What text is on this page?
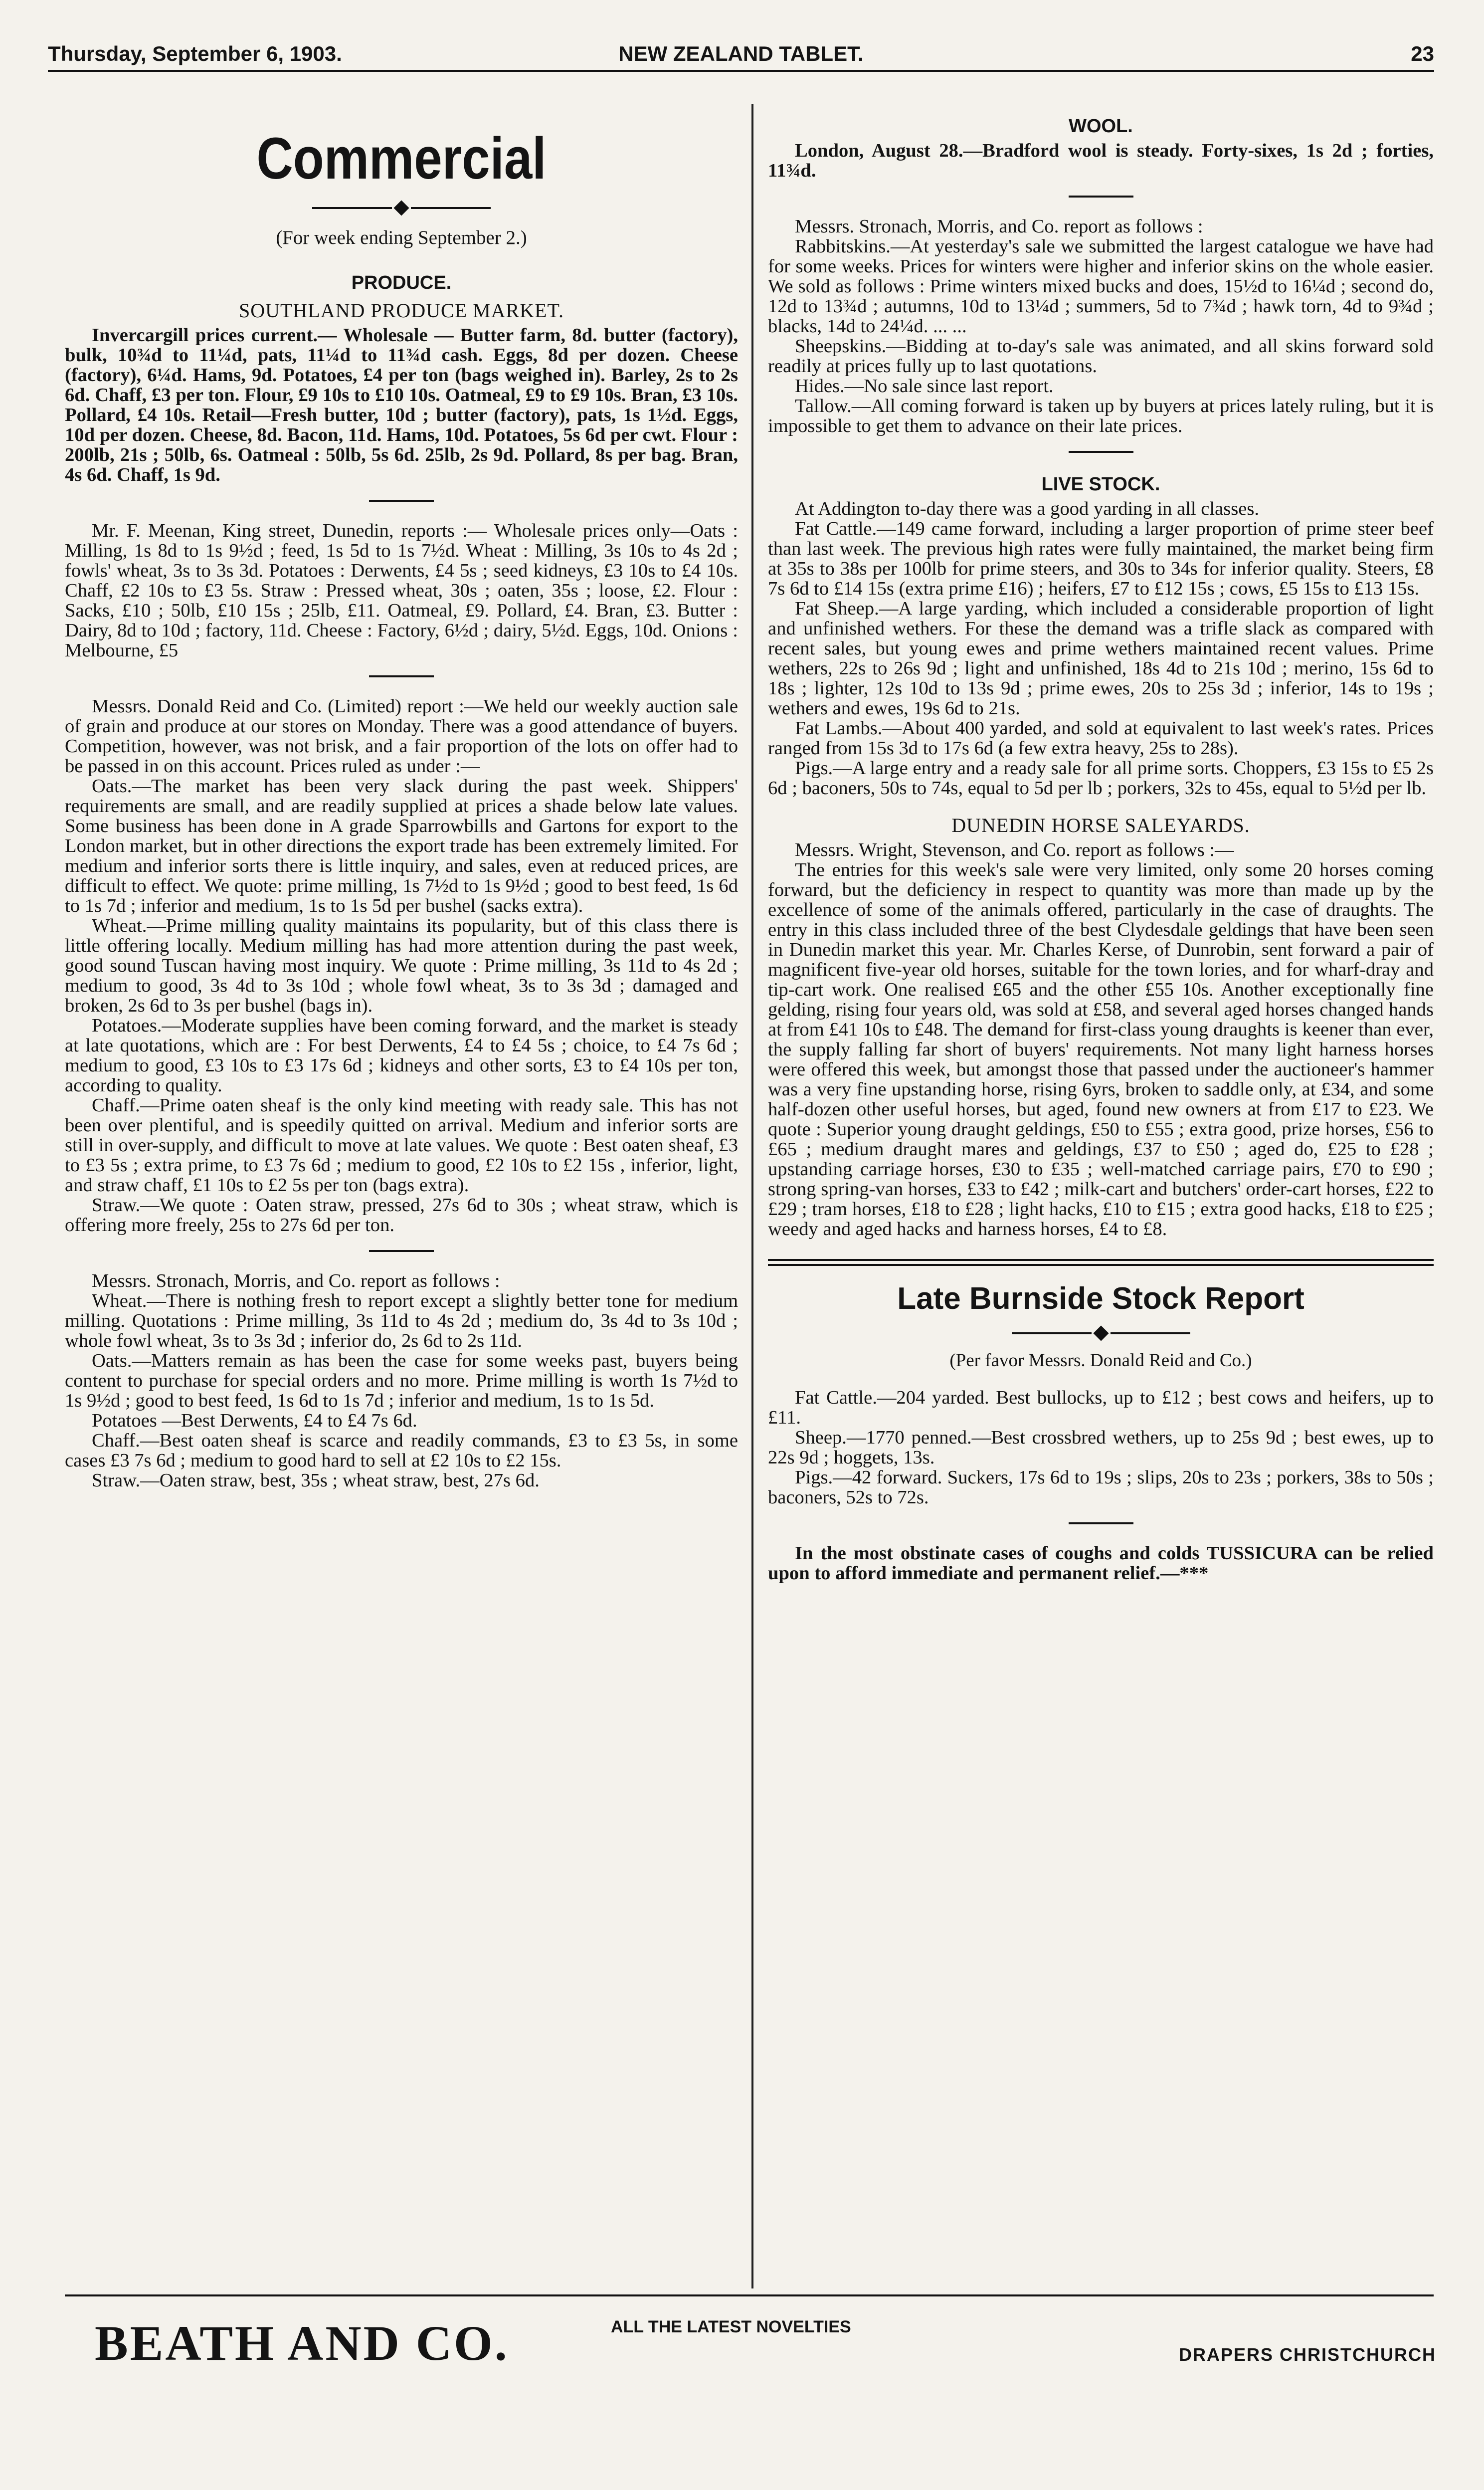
Thursday, September 6, 1903.	NEW ZEALAND TABLET.	23
Commercial
(For week ending September 2.)
PRODUCE.
SOUTHLAND PRODUCE MARKET.

Invercargill prices current.— Wholesale — Butter farm, 8d. butter (factory), bulk, 10¾d to 11¼d, pats, 11¼d to 11¾d cash. Eggs, 8d per dozen. Cheese (factory), 6¼d. Hams, 9d. Potatoes, £4 per ton (bags weighed in). Barley, 2s to 2s 6d. Chaff, £3 per ton. Flour, £9 10s to £10 10s. Oatmeal, £9 to £9 10s. Bran, £3 10s. Pollard, £4 10s. Retail—Fresh butter, 10d ; butter (factory), pats, 1s 1½d. Eggs, 10d per dozen. Cheese, 8d. Bacon, 11d. Hams, 10d. Potatoes, 5s 6d per cwt. Flour : 200lb, 21s ; 50lb, 6s. Oatmeal : 50lb, 5s 6d. 25lb, 2s 9d. Pollard, 8s per bag. Bran, 4s 6d. Chaff, 1s 9d.

Mr. F. Meenan, King street, Dunedin, reports :— Wholesale prices only—Oats : Milling, 1s 8d to 1s 9½d ; feed, 1s 5d to 1s 7½d. Wheat : Milling, 3s 10s to 4s 2d ; fowls' wheat, 3s to 3s 3d. Potatoes : Derwents, £4 5s ; seed kidneys, £3 10s to £4 10s. Chaff, £2 10s to £3 5s. Straw : Pressed wheat, 30s ; oaten, 35s ; loose, £2. Flour : Sacks, £10 ; 50lb, £10 15s ; 25lb, £11. Oatmeal, £9. Pollard, £4. Bran, £3. Butter : Dairy, 8d to 10d ; factory, 11d. Cheese : Factory, 6½d ; dairy, 5½d. Eggs, 10d. Onions : Melbourne, £5

Messrs. Donald Reid and Co. (Limited) report :—We held our weekly auction sale of grain and produce at our stores on Monday. There was a good attendance of buyers. Competition, however, was not brisk, and a fair proportion of the lots on offer had to be passed in on this account. Prices ruled as under :—

Oats.—The market has been very slack during the past week. Shippers' requirements are small, and are readily supplied at prices a shade below late values. Some business has been done in A grade Sparrowbills and Gartons for export to the London market, but in other directions the export trade has been extremely limited. For medium and inferior sorts there is little inquiry, and sales, even at reduced prices, are difficult to effect. We quote: prime milling, 1s 7½d to 1s 9½d ; good to best feed, 1s 6d to 1s 7d ; inferior and medium, 1s to 1s 5d per bushel (sacks extra).

Wheat.—Prime milling quality maintains its popularity, but of this class there is little offering locally. Medium milling has had more attention during the past week, good sound Tuscan having most inquiry. We quote : Prime milling, 3s 11d to 4s 2d ; medium to good, 3s 4d to 3s 10d ; whole fowl wheat, 3s to 3s 3d ; damaged and broken, 2s 6d to 3s per bushel (bags in).

Potatoes.—Moderate supplies have been coming forward, and the market is steady at late quotations, which are : For best Derwents, £4 to £4 5s ; choice, to £4 7s 6d ; medium to good, £3 10s to £3 17s 6d ; kidneys and other sorts, £3 to £4 10s per ton, according to quality.

Chaff.—Prime oaten sheaf is the only kind meeting with ready sale. This has not been over plentiful, and is speedily quitted on arrival. Medium and inferior sorts are still in over-supply, and difficult to move at late values. We quote : Best oaten sheaf, £3 to £3 5s ; extra prime, to £3 7s 6d ; medium to good, £2 10s to £2 15s , inferior, light, and straw chaff, £1 10s to £2 5s per ton (bags extra).

Straw.—We quote : Oaten straw, pressed, 27s 6d to 30s ; wheat straw, which is offering more freely, 25s to 27s 6d per ton.

Messrs. Stronach, Morris, and Co. report as follows :

Wheat.—There is nothing fresh to report except a slightly better tone for medium milling. Quotations : Prime milling, 3s 11d to 4s 2d ; medium do, 3s 4d to 3s 10d ; whole fowl wheat, 3s to 3s 3d ; inferior do, 2s 6d to 2s 11d.

Oats.—Matters remain as has been the case for some weeks past, buyers being content to purchase for special orders and no more. Prime milling is worth 1s 7½d to 1s 9½d ; good to best feed, 1s 6d to 1s 7d ; inferior and medium, 1s to 1s 5d.

Potatoes —Best Derwents, £4 to £4 7s 6d.

Chaff.—Best oaten sheaf is scarce and readily commands, £3 to £3 5s, in some cases £3 7s 6d ; medium to good hard to sell at £2 10s to £2 15s.

Straw.—Oaten straw, best, 35s ; wheat straw, best, 27s 6d.

WOOL.

London, August 28.—Bradford wool is steady. Forty-sixes, 1s 2d ; forties, 11¾d.

Messrs. Stronach, Morris, and Co. report as follows :

Rabbitskins.—At yesterday's sale we submitted the largest catalogue we have had for some weeks. Prices for winters were higher and inferior skins on the whole easier. We sold as follows : Prime winters mixed bucks and does, 15½d to 16¼d ; second do, 12d to 13¾d ; autumns, 10d to 13¼d ; summers, 5d to 7¾d ; hawk torn, 4d to 9¾d ; blacks, 14d to 24¼d. ... ...

Sheepskins.—Bidding at to-day's sale was animated, and all skins forward sold readily at prices fully up to last quotations.

Hides.—No sale since last report.

Tallow.—All coming forward is taken up by buyers at prices lately ruling, but it is impossible to get them to advance on their late prices.

LIVE STOCK.

At Addington to-day there was a good yarding in all classes.

Fat Cattle.—149 came forward, including a larger proportion of prime steer beef than last week. The previous high rates were fully maintained, the market being firm at 35s to 38s per 100lb for prime steers, and 30s to 34s for inferior quality. Steers, £8 7s 6d to £14 15s (extra prime £16) ; heifers, £7 to £12 15s ; cows, £5 15s to £13 15s.

Fat Sheep.—A large yarding, which included a considerable proportion of light and unfinished wethers. For these the demand was a trifle slack as compared with recent sales, but young ewes and prime wethers maintained recent values. Prime wethers, 22s to 26s 9d ; light and unfinished, 18s 4d to 21s 10d ; merino, 15s 6d to 18s ; lighter, 12s 10d to 13s 9d ; prime ewes, 20s to 25s 3d ; inferior, 14s to 19s ; wethers and ewes, 19s 6d to 21s.

Fat Lambs.—About 400 yarded, and sold at equivalent to last week's rates. Prices ranged from 15s 3d to 17s 6d (a few extra heavy, 25s to 28s).

Pigs.—A large entry and a ready sale for all prime sorts. Choppers, £3 15s to £5 2s 6d ; baconers, 50s to 74s, equal to 5d per lb ; porkers, 32s to 45s, equal to 5½d per lb.

DUNEDIN HORSE SALEYARDS.

Messrs. Wright, Stevenson, and Co. report as follows :—

The entries for this week's sale were very limited, only some 20 horses coming forward, but the deficiency in respect to quantity was more than made up by the excellence of some of the animals offered, particularly in the case of draughts. The entry in this class included three of the best Clydesdale geldings that have been seen in Dunedin market this year. Mr. Charles Kerse, of Dunrobin, sent forward a pair of magnificent five-year old horses, suitable for the town lories, and for wharf-dray and tip-cart work. One realised £65 and the other £55 10s. Another exceptionally fine gelding, rising four years old, was sold at £58, and several aged horses changed hands at from £41 10s to £48. The demand for first-class young draughts is keener than ever, the supply falling far short of buyers' requirements. Not many light harness horses were offered this week, but amongst those that passed under the auctioneer's hammer was a very fine upstanding horse, rising 6yrs, broken to saddle only, at £34, and some half-dozen other useful horses, but aged, found new owners at from £17 to £23. We quote : Superior young draught geldings, £50 to £55 ; extra good, prize horses, £56 to £65 ; medium draught mares and geldings, £37 to £50 ; aged do, £25 to £28 ; upstanding carriage horses, £30 to £35 ; well-matched carriage pairs, £70 to £90 ; strong spring-van horses, £33 to £42 ; milk-cart and butchers' order-cart horses, £22 to £29 ; tram horses, £18 to £28 ; light hacks, £10 to £15 ; extra good hacks, £18 to £25 ; weedy and aged hacks and harness horses, £4 to £8.

Late Burnside Stock Report
(Per favor Messrs. Donald Reid and Co.)

Fat Cattle.—204 yarded. Best bullocks, up to £12 ; best cows and heifers, up to £11.

Sheep.—1770 penned.—Best crossbred wethers, up to 25s 9d ; best ewes, up to 22s 9d ; hoggets, 13s.

Pigs.—42 forward. Suckers, 17s 6d to 19s ; slips, 20s to 23s ; porkers, 38s to 50s ; baconers, 52s to 72s.

In the most obstinate cases of coughs and colds TUSSICURA can be relied upon to afford immediate and permanent relief.—***

BEATH AND CO.	ALL THE LATEST NOVELTIES
DRAPERS CHRISTCHURCH
